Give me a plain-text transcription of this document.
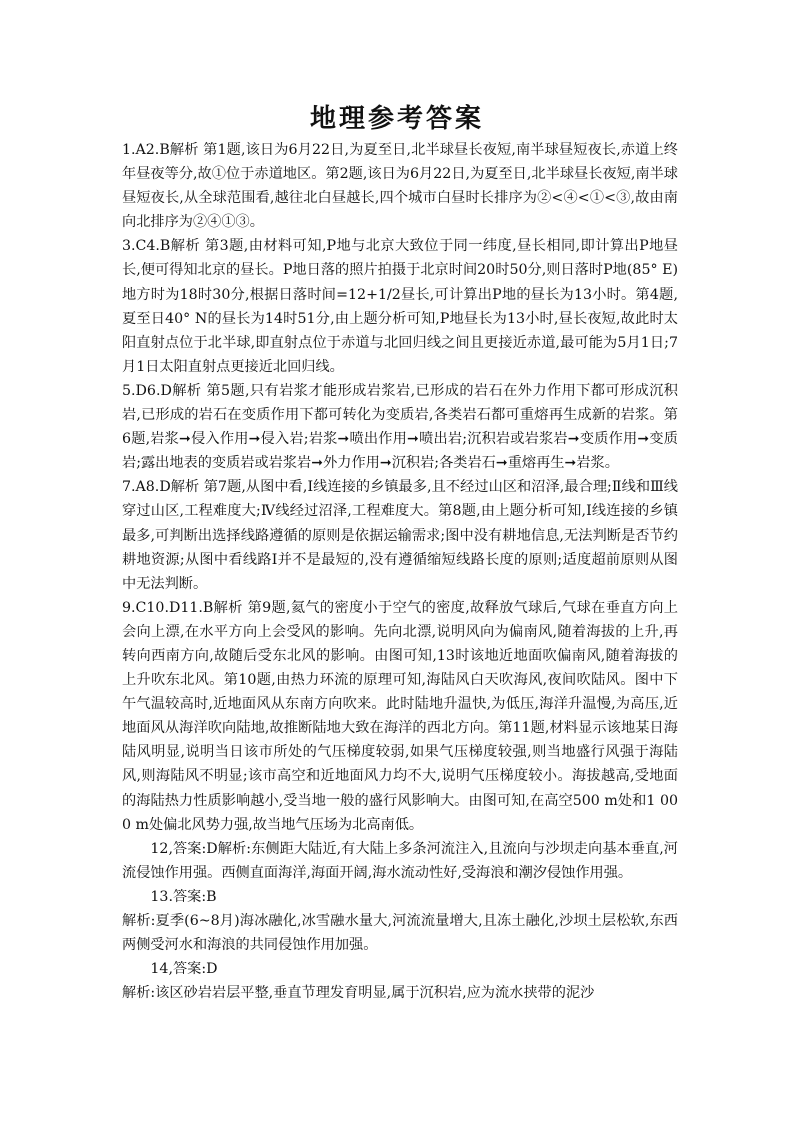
地理参考答案

1.A2.B解析 第1题,该日为6月22日,为夏至日,北半球昼长夜短,南半球昼短夜长,赤道上终年昼夜等分,故①位于赤道地区。第2题,该日为6月22日,为夏至日,北半球昼长夜短,南半球昼短夜长,从全球范围看,越往北白昼越长,四个城市白昼时长排序为②<④<①<③,故由南向北排序为②④①③。

3.C4.B解析 第3题,由材料可知,P地与北京大致位于同一纬度,昼长相同,即计算出P地昼长,便可得知北京的昼长。P地日落的照片拍摄于北京时间20时50分,则日落时P地(85° E)地方时为18时30分,根据日落时间=12+1/2昼长,可计算出P地的昼长为13小时。第4题,夏至日40° N的昼长为14时51分,由上题分析可知,P地昼长为13小时,昼长夜短,故此时太阳直射点位于北半球,即直射点位于赤道与北回归线之间且更接近赤道,最可能为5月1日;7月1日太阳直射点更接近北回归线。

5.D6.D解析 第5题,只有岩浆才能形成岩浆岩,已形成的岩石在外力作用下都可形成沉积岩,已形成的岩石在变质作用下都可转化为变质岩,各类岩石都可重熔再生成新的岩浆。第6题,岩浆➞侵入作用➞侵入岩;岩浆➞喷出作用➞喷出岩;沉积岩或岩浆岩➞变质作用➞变质岩;露出地表的变质岩或岩浆岩➞外力作用➞沉积岩;各类岩石➞重熔再生➞岩浆。

7.A8.D解析 第7题,从图中看,Ⅰ线连接的乡镇最多,且不经过山区和沼泽,最合理;Ⅱ线和Ⅲ线穿过山区,工程难度大;Ⅳ线经过沼泽,工程难度大。第8题,由上题分析可知,Ⅰ线连接的乡镇最多,可判断出选择线路遵循的原则是依据运输需求;图中没有耕地信息,无法判断是否节约耕地资源;从图中看线路Ⅰ并不是最短的,没有遵循缩短线路长度的原则;适度超前原则从图中无法判断。

9.C10.D11.B解析 第9题,氦气的密度小于空气的密度,故释放气球后,气球在垂直方向上会向上漂,在水平方向上会受风的影响。先向北漂,说明风向为偏南风,随着海拔的上升,再转向西南方向,故随后受东北风的影响。由图可知,13时该地近地面吹偏南风,随着海拔的上升吹东北风。第10题,由热力环流的原理可知,海陆风白天吹海风,夜间吹陆风。图中下午气温较高时,近地面风从东南方向吹来。此时陆地升温快,为低压,海洋升温慢,为高压,近地面风从海洋吹向陆地,故推断陆地大致在海洋的西北方向。第11题,材料显示该地某日海陆风明显,说明当日该市所处的气压梯度较弱,如果气压梯度较强,则当地盛行风强于海陆风,则海陆风不明显;该市高空和近地面风力均不大,说明气压梯度较小。海拔越高,受地面的海陆热力性质影响越小,受当地一般的盛行风影响大。由图可知,在高空500 m处和1 000 m处偏北风势力强,故当地气压场为北高南低。

12,答案:D解析:东侧距大陆近,有大陆上多条河流注入,且流向与沙坝走向基本垂直,河流侵蚀作用强。西侧直面海洋,海面开阔,海水流动性好,受海浪和潮汐侵蚀作用强。

13.答案:B

解析:夏季(6~8月)海冰融化,冰雪融水量大,河流流量增大,且冻土融化,沙坝土层松软,东西两侧受河水和海浪的共同侵蚀作用加强。

14,答案:D

解析:该区砂岩岩层平整,垂直节理发育明显,属于沉积岩,应为流水挟带的泥沙
